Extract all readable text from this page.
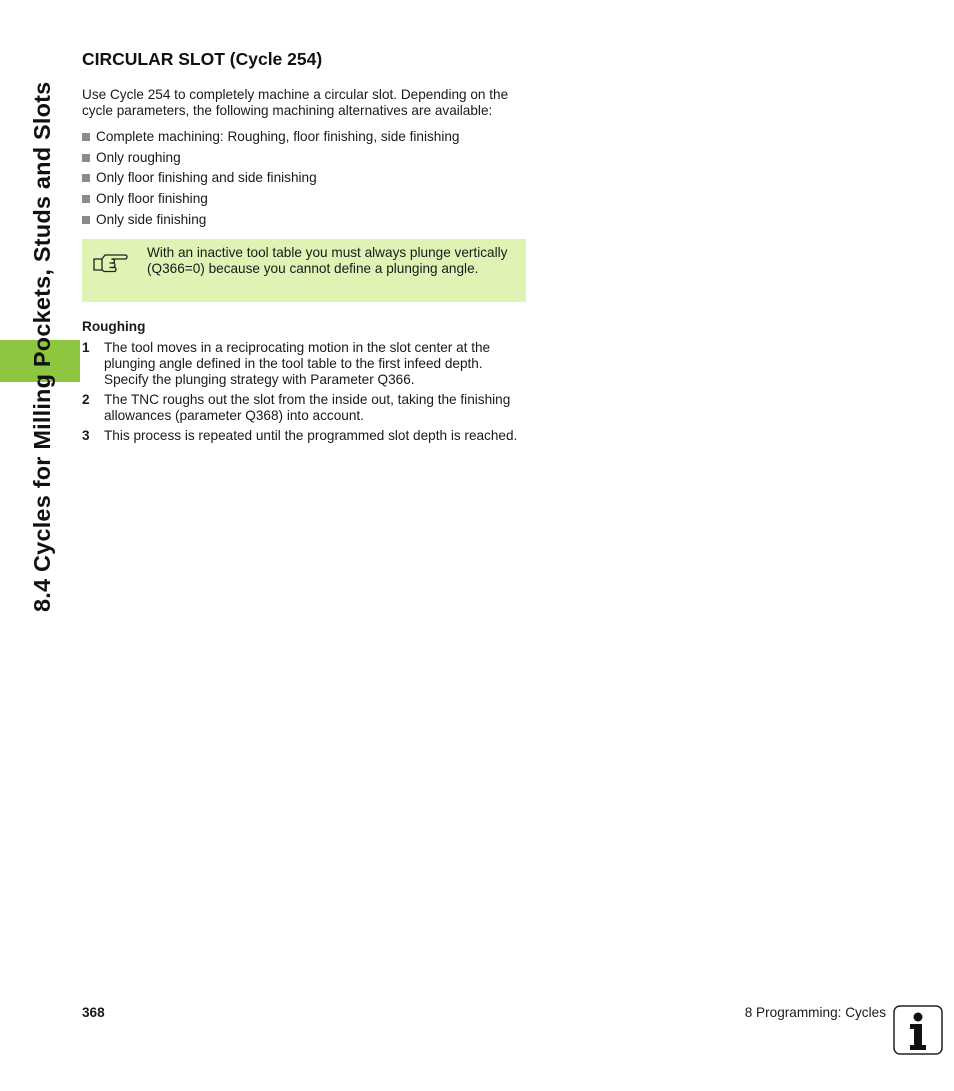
8.4 Cycles for Milling Pockets, Studs and Slots
CIRCULAR SLOT (Cycle 254)

Use Cycle 254 to completely machine a circular slot. Depending on the cycle parameters, the following machining alternatives are available:

Complete machining: Roughing, floor finishing, side finishing
Only roughing
Only floor finishing and side finishing
Only floor finishing
Only side finishing
With an inactive tool table you must always plunge vertically (Q366=0) because you cannot define a plunging angle.
Roughing
1 The tool moves in a reciprocating motion in the slot center at the plunging angle defined in the tool table to the first infeed depth. Specify the plunging strategy with Parameter Q366.
2 The TNC roughs out the slot from the inside out, taking the finishing allowances (parameter Q368) into account.
3 This process is repeated until the programmed slot depth is reached.
368	8 Programming: Cycles
